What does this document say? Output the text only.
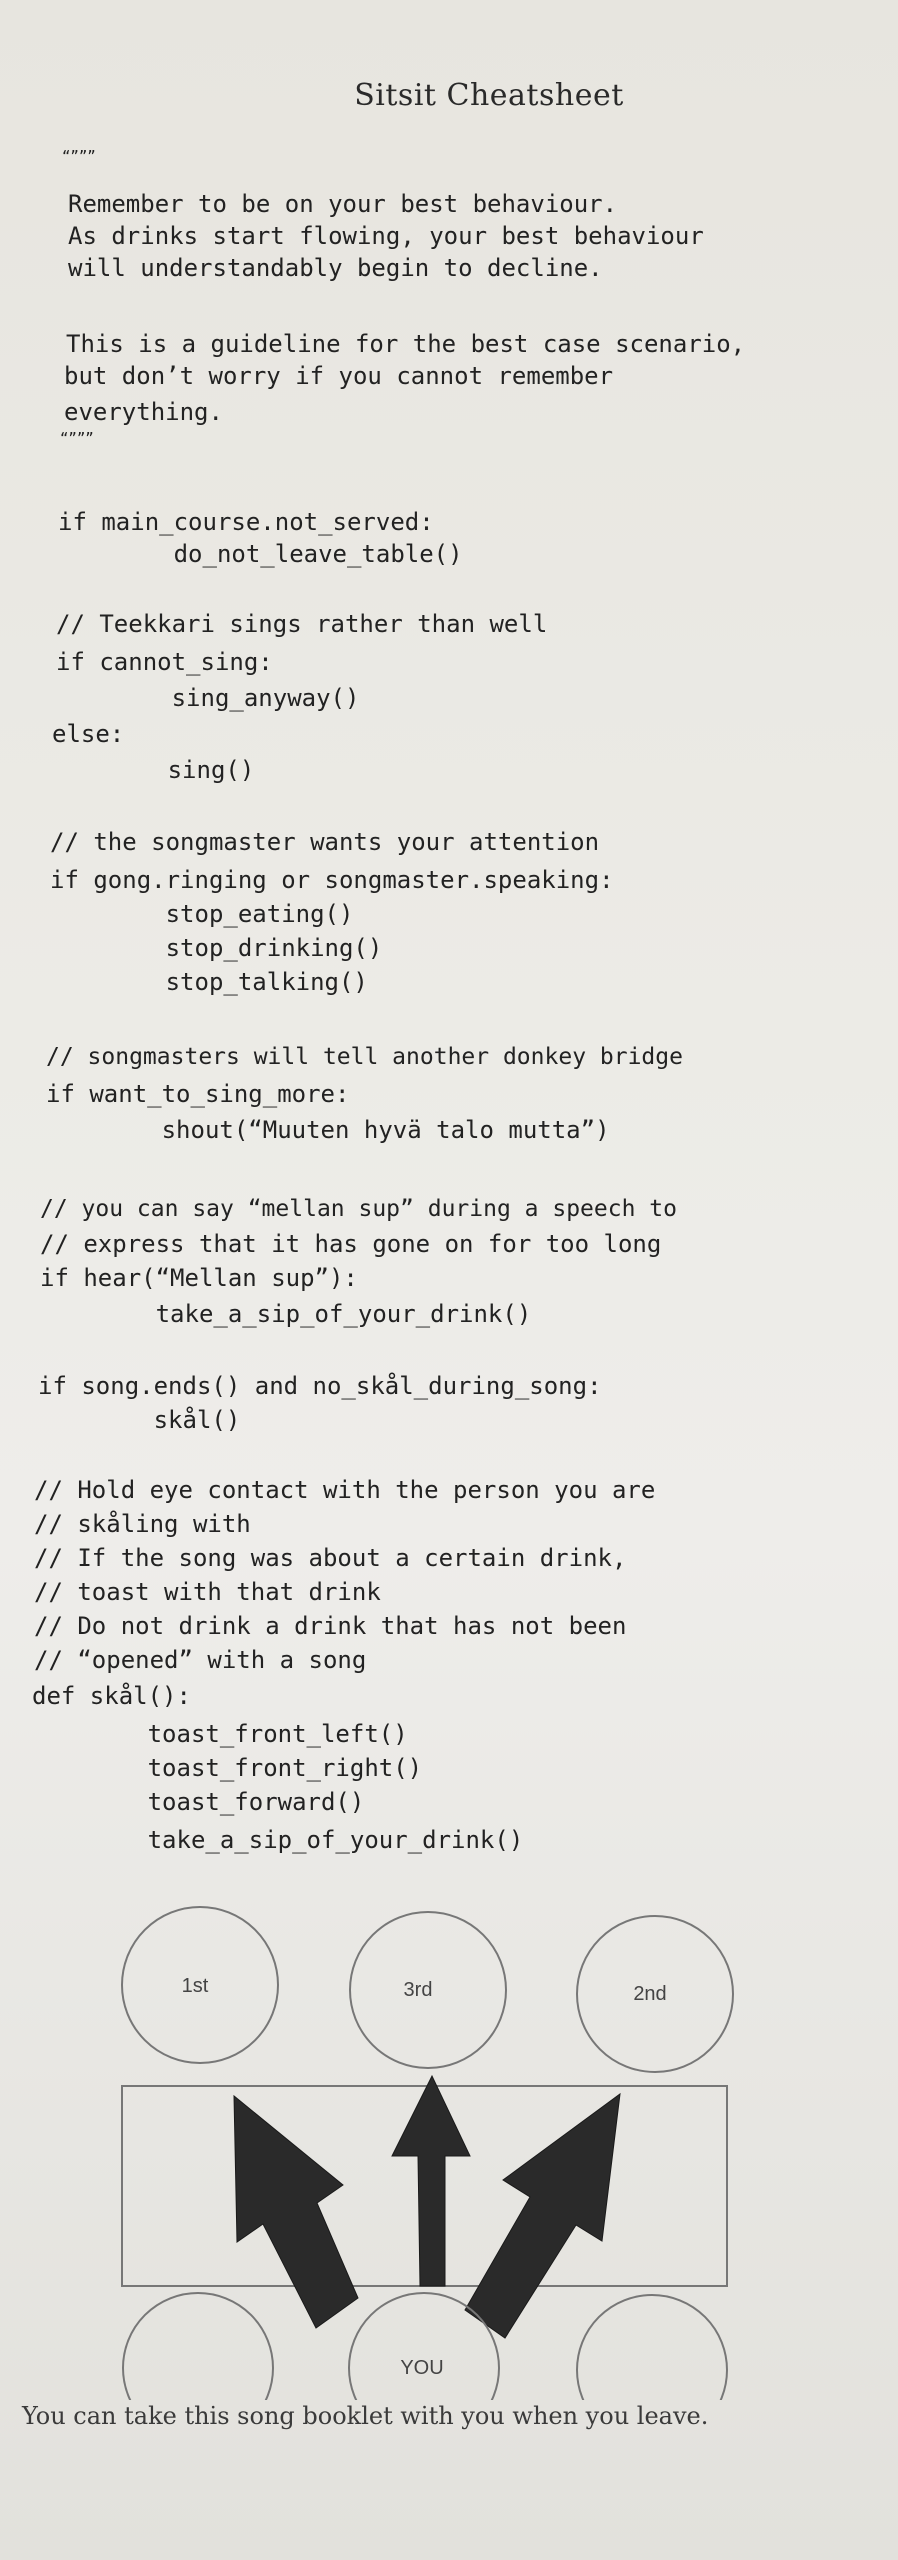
Sitsit Cheatsheet

“”””

Remember to be on your best behaviour.

As drinks start flowing, your best behaviour

will understandably begin to decline.

This is a guideline for the best case scenario,

but don’t worry if you cannot remember

everything.

“”””

if main_course.not_served:

do_not_leave_table()

// Teekkari sings rather than well

if cannot_sing:

sing_anyway()

else:

sing()

// the songmaster wants your attention

if gong.ringing or songmaster.speaking:

stop_eating()

stop_drinking()

stop_talking()

// songmasters will tell another donkey bridge

if want_to_sing_more:

shout(“Muuten hyvä talo mutta”)

// you can say “mellan sup” during a speech to

// express that it has gone on for too long

if hear(“Mellan sup”):

take_a_sip_of_your_drink()

if song.ends() and no_skål_during_song:

skål()

// Hold eye contact with the person you are

// skåling with

// If the song was about a certain drink,

// toast with that drink

// Do not drink a drink that has not been

// “opened” with a song

def skål():

toast_front_left()

toast_front_right()

toast_forward()

take_a_sip_of_your_drink()

1st	3rd	2nd
YOU
You can take this song booklet with you when you leave.
